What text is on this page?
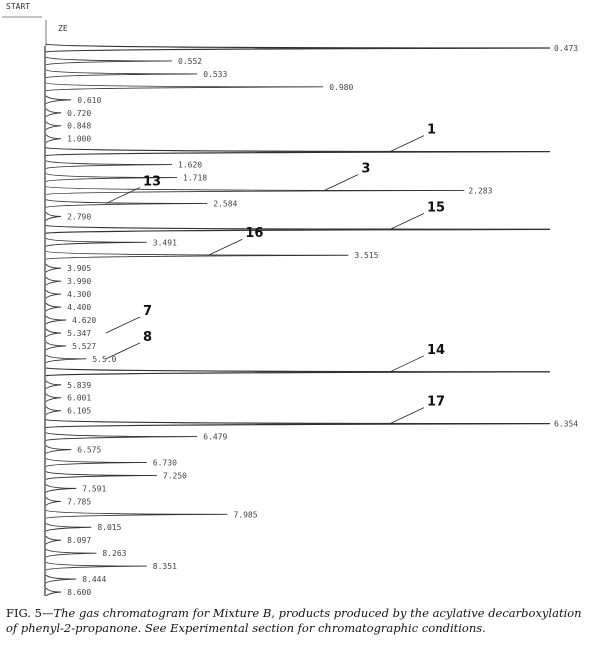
START
ZE
0.473
0.552
0.533
0.980
0.610
0.720
0.848
1.000
1
1.620
1.718
2.283
3
2.584
13
2.790
15
3.491
3.515
16
3.905
3.990
4.300
4.400
4.620
5.347
7
5.527
5.5.0
8
14
5.839
6.001
6.105
6.354
17
6.479
6.575
6.730
7.250
7.591
7.785
7.985
8.015
8.097
8.263
8.351
8.444
8.600
FIG. 5—The gas chromatogram for Mixture B, products produced by the acylative decarboxylation of phenyl-2-propanone. See Experimental section for chromatographic conditions.
